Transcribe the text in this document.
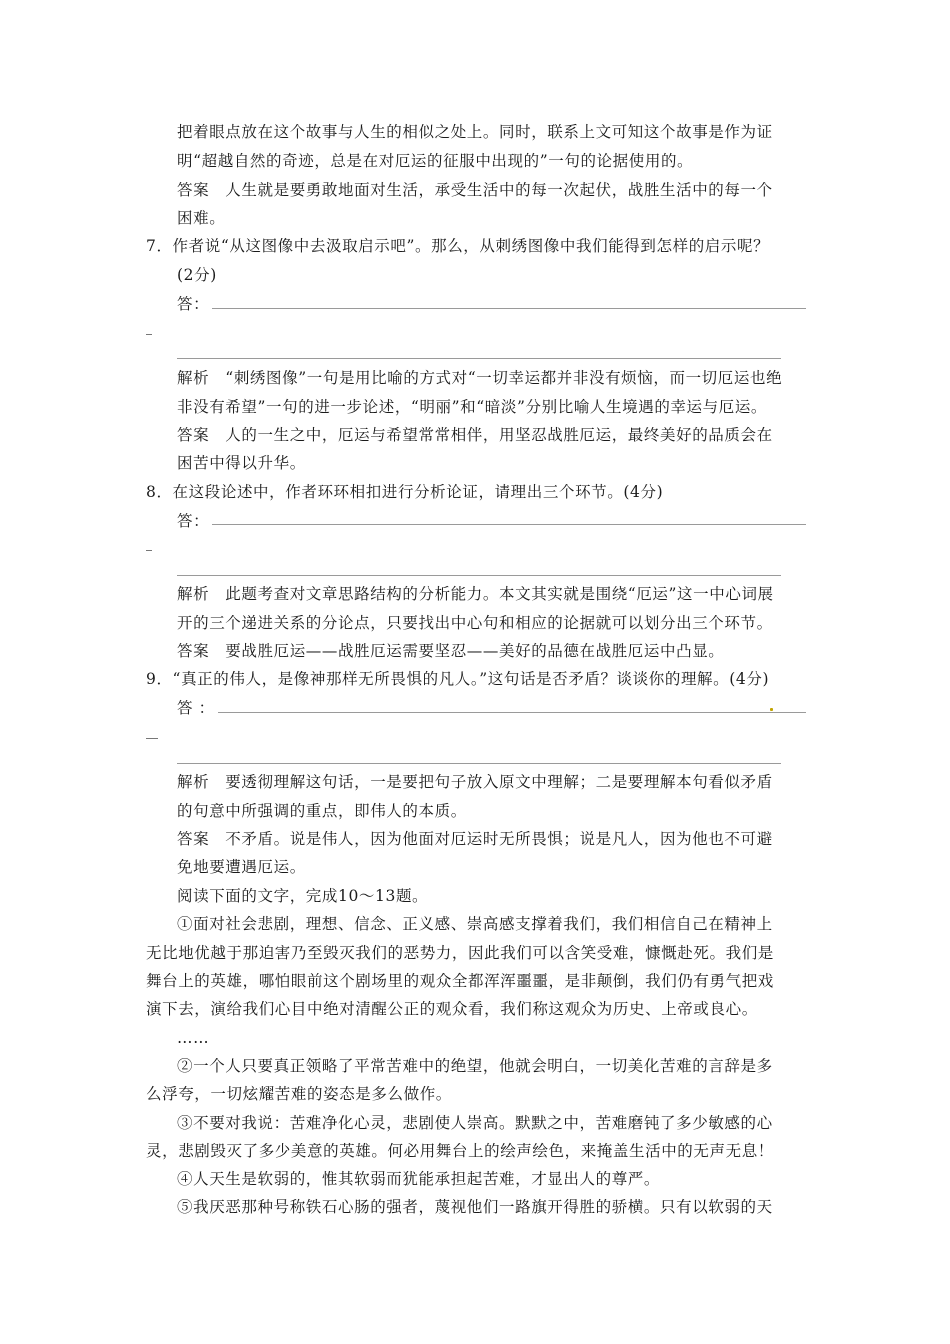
把着眼点放在这个故事与人生的相似之处上。同时，联系上文可知这个故事是作为证
明“超越自然的奇迹，总是在对厄运的征服中出现的”一句的论据使用的。
答案　人生就是要勇敢地面对生活，承受生活中的每一次起伏，战胜生活中的每一个
困难。
7．作者说“从这图像中去汲取启示吧”。那么，从刺绣图像中我们能得到怎样的启示呢？
(2分)
答：
解析　“刺绣图像”一句是用比喻的方式对“一切幸运都并非没有烦恼，而一切厄运也绝
非没有希望”一句的进一步论述，“明丽”和“暗淡”分别比喻人生境遇的幸运与厄运。
答案　人的一生之中，厄运与希望常常相伴，用坚忍战胜厄运，最终美好的品质会在
困苦中得以升华。
8．在这段论述中，作者环环相扣进行分析论证，请理出三个环节。(4分)
答：
解析　此题考查对文章思路结构的分析能力。本文其实就是围绕“厄运”这一中心词展
开的三个递进关系的分论点，只要找出中心句和相应的论据就可以划分出三个环节。
答案　要战胜厄运——战胜厄运需要坚忍——美好的品德在战胜厄运中凸显。
9．“真正的伟人，是像神那样无所畏惧的凡人。”这句话是否矛盾？谈谈你的理解。(4分)
答 ：
解析　要透彻理解这句话，一是要把句子放入原文中理解；二是要理解本句看似矛盾
的句意中所强调的重点，即伟人的本质。
答案　不矛盾。说是伟人，因为他面对厄运时无所畏惧；说是凡人，因为他也不可避
免地要遭遇厄运。
阅读下面的文字，完成10～13题。
①面对社会悲剧，理想、信念、正义感、崇高感支撑着我们，我们相信自己在精神上
无比地优越于那迫害乃至毁灭我们的恶势力，因此我们可以含笑受难，慷慨赴死。我们是
舞台上的英雄，哪怕眼前这个剧场里的观众全都浑浑噩噩，是非颠倒，我们仍有勇气把戏
演下去，演给我们心目中绝对清醒公正的观众看，我们称这观众为历史、上帝或良心。
……
②一个人只要真正领略了平常苦难中的绝望，他就会明白，一切美化苦难的言辞是多
么浮夸，一切炫耀苦难的姿态是多么做作。
③不要对我说：苦难净化心灵，悲剧使人崇高。默默之中，苦难磨钝了多少敏感的心
灵，悲剧毁灭了多少美意的英雄。何必用舞台上的绘声绘色，来掩盖生活中的无声无息！
④人天生是软弱的，惟其软弱而犹能承担起苦难，才显出人的尊严。
⑤我厌恶那种号称铁石心肠的强者，蔑视他们一路旗开得胜的骄横。只有以软弱的天
